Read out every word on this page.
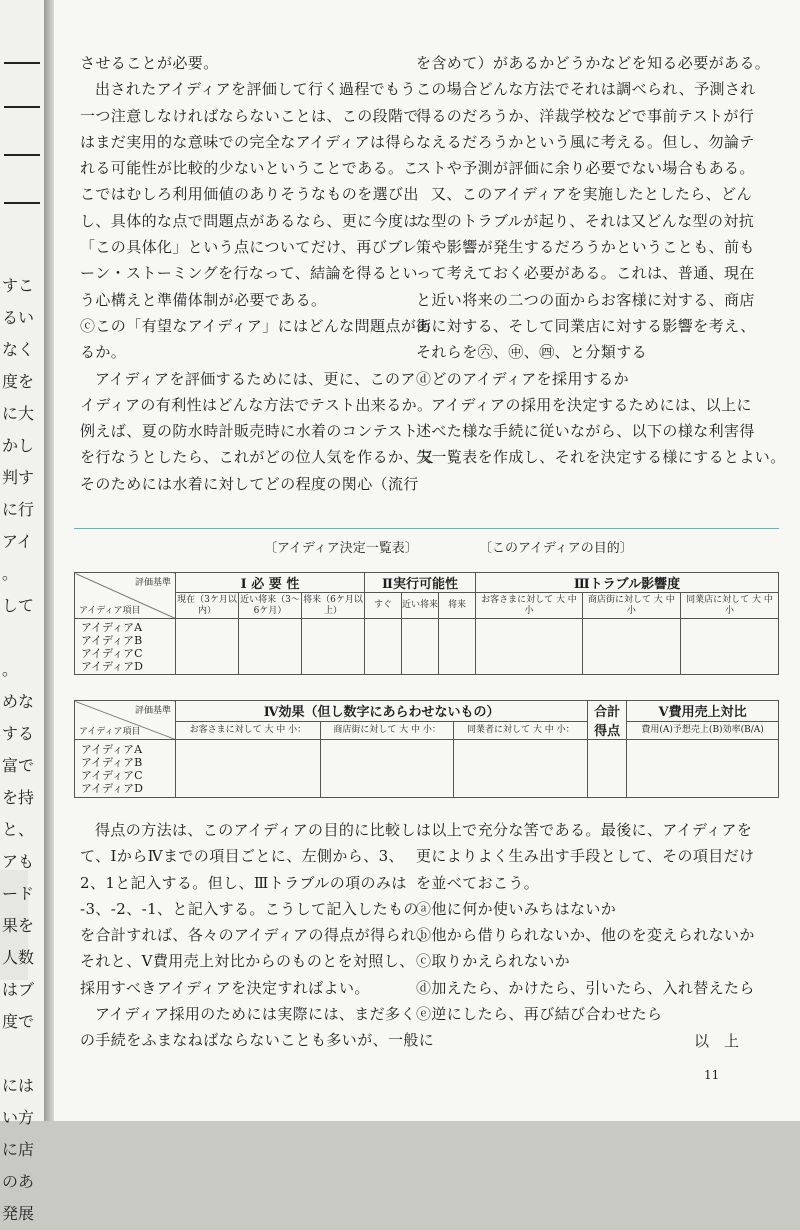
すこ
るい
なく
度を
に大
かし
判す
に行
アイ
。
して
。
めな
する
富で
を持
と、
アも
ード
果を
人数
はブ
度で
には
い方
に店
のあ
発展

させることが必要。

出されたアイディアを評価して行く過程でもう

一つ注意しなければならないことは、この段階で

はまだ実用的な意味での完全なアイディアは得ら

れる可能性が比較的少ないということである。こ

こではむしろ利用価値のありそうなものを選び出

し、具体的な点で問題点があるなら、更に今度は

「この具体化」という点についてだけ、再びブレ

ーン・ストーミングを行なって、結論を得るとい

う心構えと準備体制が必要である。

ⓒこの「有望なアイディア」にはどんな問題点があ

るか。

アイディアを評価するためには、更に、このア

イディアの有利性はどんな方法でテスト出来るか。

例えば、夏の防水時計販売時に水着のコンテスト

を行なうとしたら、これがどの位人気を作るか、又

そのためには水着に対してどの程度の関心（流行

を含めて）があるかどうかなどを知る必要がある。

この場合どんな方法でそれは調べられ、予測され

得るのだろうか、洋裁学校などで事前テストが行

なえるだろうかという風に考える。但し、勿論テ

ストや予測が評価に余り必要でない場合もある。

又、このアイディアを実施したとしたら、どん

な型のトラブルが起り、それは又どんな型の対抗

策や影響が発生するだろうかということも、前も

って考えておく必要がある。これは、普通、現在

と近い将来の二つの面からお客様に対する、商店

街に対する、そして同業店に対する影響を考え、

それらを㊅、㊥、㊃、と分類する

ⓓどのアイディアを採用するか

アイディアの採用を決定するためには、以上に

述べた様な手続に従いながら、以下の様な利害得

失一覧表を作成し、それを決定する様にするとよい。

〔アイディア決定一覧表〕	〔このアイディアの目的〕
評価基準
アイディア項目	Ⅰ 必 要 性			Ⅱ実行可能性			Ⅲトラブル影響度		
	現在（3ケ月以内）	近い将来（3〜6ケ月）	将来（6ケ月以上）	すぐ	近い将来	将来	お客さまに対して 大 中 小	商店街に対して 大 中 小	同業店に対して 大 中 小

アイディアA
アイディアB
アイディアC
アイディアD									

評価基準
アイディア項目	Ⅳ効果（但し数字にあらわせないもの）			合計得点	Ⅴ費用売上対比
	お客さまに対して 大 中 小：	商店街に対して 大 中 小：	同業者に対して 大 中 小：		費用(A)予想売上(B)効率(B/A)

アイディアA
アイディアB
アイディアC
アイディアD					

得点の方法は、このアイディアの目的に比較し

て、ⅠからⅣまでの項目ごとに、左側から、3、

2、1と記入する。但し、Ⅲトラブルの項のみは

-3、-2、-1、と記入する。こうして記入したもの

を合計すれば、各々のアイディアの得点が得られ、

それと、Ⅴ費用売上対比からのものとを対照し、

採用すべきアイディアを決定すればよい。

アイディア採用のためには実際には、まだ多く

の手続をふまなねばならないことも多いが、一般に

は以上で充分な筈である。最後に、アイディアを

更によりよく生み出す手段として、その項目だけ

を並べておこう。

ⓐ他に何か使いみちはないか

ⓑ他から借りられないか、他のを変えられないか

ⓒ取りかえられないか

ⓓ加えたら、かけたら、引いたら、入れ替えたら

ⓔ逆にしたら、再び結び合わせたら

以　上
11
